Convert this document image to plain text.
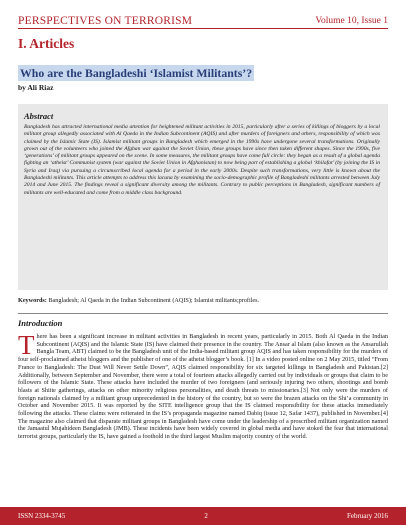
PERSPECTIVES ON TERRORISM	Volume 10, Issue 1
I. Articles
Who are the Bangladeshi ‘Islamist Militants’?
by Ali Riaz
Abstract
Bangladesh has attracted international media attention for heightened militant activities in 2015, particularly after a series of killings of bloggers by a local militant group allegedly associated with Al Qaeda in the Indian Subcontinent (AQIS) and after murders of foreigners and others, responsibility of which was claimed by the Islamic State (IS). Islamist militant groups in Bangladesh which emerged in the 1990s have undergone several transformations. Originally grown out of the volunteers who joined the Afghan war against the Soviet Union, these groups have since then taken different shapes. Since the 1990s, five ‘generations’ of militant groups appeared on the scene. In some measures, the militant groups have come full circle: they began as a result of a global agenda fighting an ‘atheist’ Communist system (war against the Soviet Union in Afghanistan) to now being part of establishing a global ‘khilafat’ (by joining the IS in Syria and Iraq) via pursuing a circumscribed local agenda for a period in the early 2000s. Despite such transformations, very little is known about the Bangladeshi militants. This article attempts to address this lacuna by examining the socio-demographic profile of Bangladeshi militants arrested between July 2014 and June 2015. The findings reveal a significant diversity among the militants. Contrary to public perceptions in Bangladesh, significant numbers of militants are well-educated and come from a middle class background.
Keywords: Bangladesh; Al Qaeda in the Indian Subcontinent (AQIS); Islamist militants;profiles.
Introduction
There has been a significant increase in militant activities in Bangladesh in recent years, particularly in 2015. Both Al Qaeda in the Indian Subcontinent (AQIS) and the Islamic State (IS) have claimed their presence in the country. The Ansar al Islam (also known as the Ansarullah Bangla Team, ABT) claimed to be the Bangladesh unit of the India-based militant group AQIS and has taken responsibility for the murders of four self-proclaimed atheist bloggers and the publisher of one of the atheist blogger’s book. [1] In a video posted online on 2 May 2015, titled “From France to Bangladesh: The Dust Will Never Settle Down”, AQIS claimed responsibility for six targeted killings in Bangladesh and Pakistan.[2] Additionally, between September and November, there were a total of fourteen attacks allegedly carried out by individuals or groups that claim to be followers of the Islamic State. These attacks have included the murder of two foreigners (and seriously injuring two others, shootings and bomb blasts at Shiite gatherings, attacks on other minority religious personalities, and death threats to missionaries.[3] Not only were the murders of foreign nationals claimed by a militant group unprecedented in the history of the country, but so were the brazen attacks on the Shi’a community in October and November 2015. It was reported by the SITE intelligence group that the IS claimed responsibility for these attacks immediately following the attacks. These claims were reiterated in the IS’s propaganda magazine named Dabiq (issue 12, Safar 1437), published in November.[4] The magazine also claimed that disparate militant groups in Bangladesh have come under the leadership of a proscribed militant organization named the Jamaatul Mujahideen Bangladesh (JMB). These incidents have been widely covered in global media and have stoked the fear that international terrorist groups, particularly the IS, have gained a foothold in the third largest Muslim majority country of the world.
ISSN 2334-3745	2	February 2016
